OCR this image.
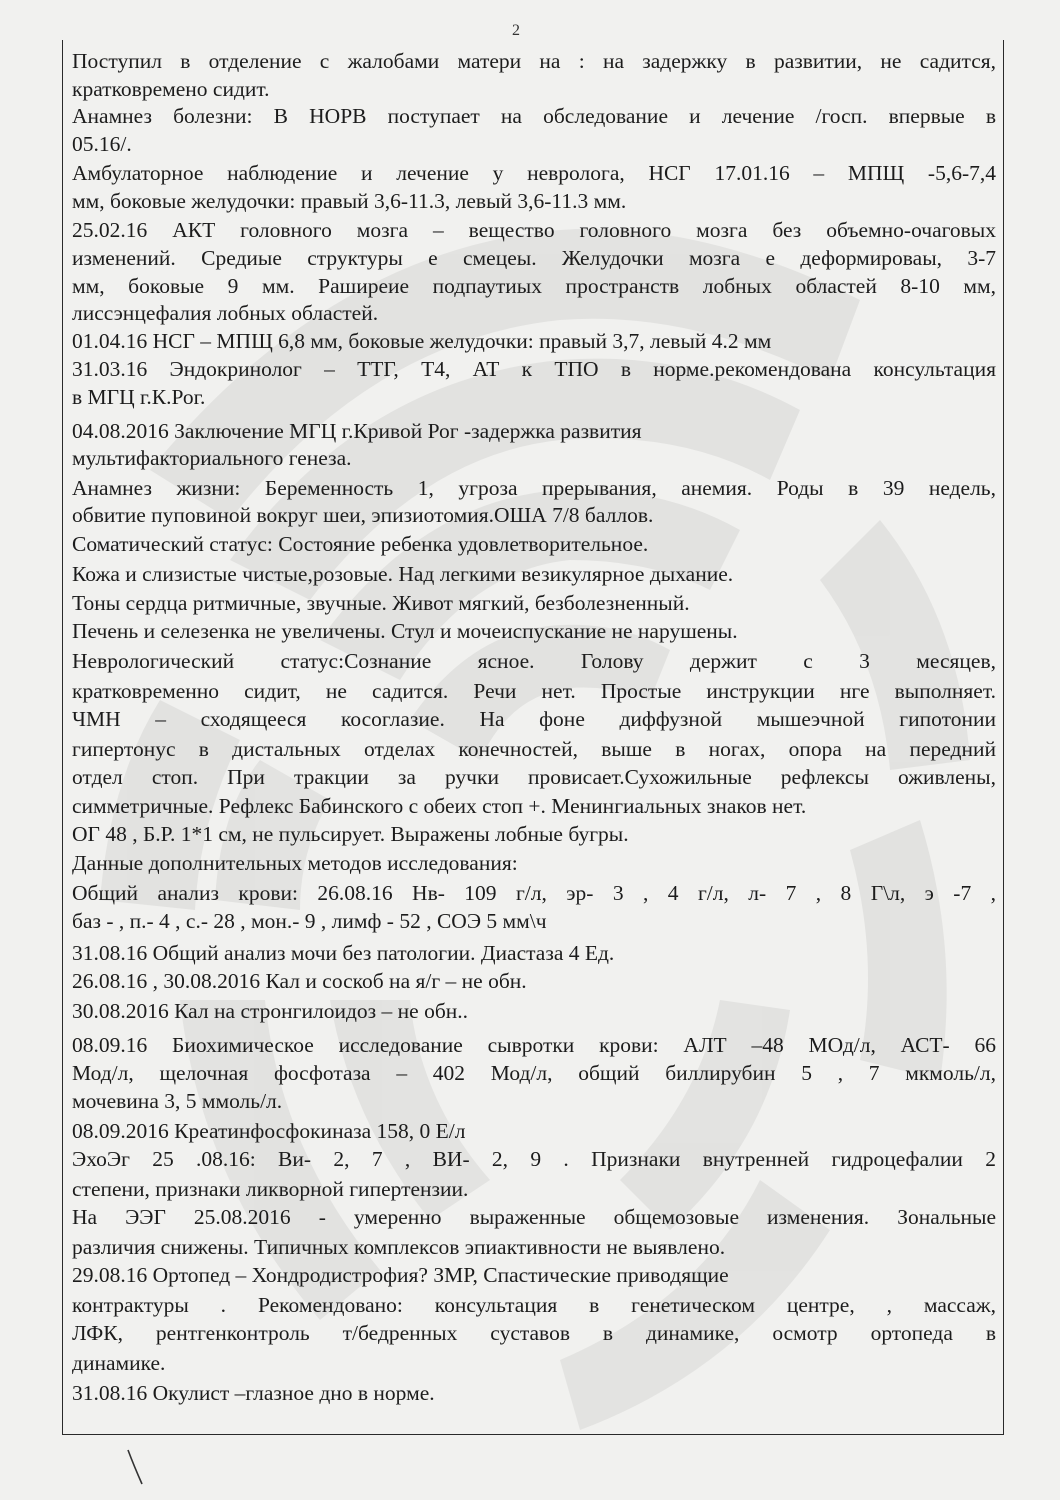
2
Поступил в отделение с жалобами матери на : на задержку в развитии, не садится,
кратковремено сидит.
Анамнез болезни: В НОРВ поступает на обследование и лечение /госп. впервые в
05.16/.
Амбулаторное наблюдение и лечение у невролога, НСГ 17.01.16 – МПЩ -5,6-7,4
мм, боковые желудочки: правый 3,6-11.3, левый 3,6-11.3 мм.
25.02.16 АКТ головного мозга – вещество головного мозга без объемно-очаговых
изменений. Средиые структуры е смецеы. Желудочки мозга е деформироваы, 3-7
мм, боковые 9 мм. Раширеие подпаутиых пространств лобных областей 8-10 мм,
лиссэнцефалия лобных областей.
01.04.16 НСГ – МПЩ 6,8 мм, боковые желудочки: правый 3,7, левый 4.2 мм
31.03.16 Эндокринолог – ТТГ, Т4, АТ к ТПО в норме.рекомендована консультация
в МГЦ г.К.Рог.
04.08.2016 Заключение МГЦ г.Кривой Рог -задержка развития
мультифакториального генеза.
Анамнез жизни: Беременность 1, угроза прерывания, анемия. Роды в 39 недель,
обвитие пуповиной вокруг шеи, эпизиотомия.ОША 7/8 баллов.
Соматический статус: Состояние ребенка удовлетворительное.
Кожа и слизистые чистые,розовые. Над легкими везикулярное дыхание.
Тоны сердца ритмичные, звучные. Живот мягкий, безболезненный.
Печень и селезенка не увеличены. Стул и мочеиспускание не нарушены.
Неврологический статус:Сознание ясное. Голову держит с 3 месяцев,
кратковременно сидит, не садится. Речи нет. Простые инструкции нге выполняет.
ЧМН – сходящееся косоглазие. На фоне диффузной мышеэчной гипотонии
гипертонус в дистальных отделах конечностей, выше в ногах, опора на передний
отдел стоп. При тракции за ручки провисает.Сухожильные рефлексы оживлены,
симметричные. Рефлекс Бабинского с обеих стоп +. Менингиальных знаков нет.
ОГ 48 , Б.Р. 1*1 см, не пульсирует. Выражены лобные бугры.
Данные дополнительных методов исследования:
Общий анализ крови: 26.08.16 Нв- 109 г/л, эр- 3 , 4 г/л, л- 7 , 8 Г\л, э -7 ,
баз - , п.- 4 , с.- 28 , мон.- 9 , лимф - 52 , СОЭ 5 мм\ч
31.08.16 Общий анализ мочи без патологии. Диастаза 4 Ед.
26.08.16 , 30.08.2016 Кал и соскоб на я/г – не обн.
30.08.2016 Кал на стронгилоидоз – не обн..
08.09.16 Биохимическое исследование сывротки крови: АЛТ –48 МОд/л, АСТ- 66
Мод/л, щелочная фосфотаза – 402 Мод/л, общий биллирубин 5 , 7 мкмоль/л,
мочевина 3, 5 ммоль/л.
08.09.2016 Креатинфосфокиназа 158, 0 Е/л
ЭхоЭг 25 .08.16: Ви- 2, 7 , ВИ- 2, 9 . Признаки внутренней гидроцефалии 2
степени, признаки ликворной гипертензии.
На ЭЭГ 25.08.2016 - умеренно выраженные общемозовые изменения. Зональные
различия снижены. Типичных комплексов эпиактивности не выявлено.
29.08.16 Ортопед – Хондродистрофия? ЗМР, Спастические приводящие
контрактуры . Рекомендовано: консультация в генетическом центре, , массаж,
ЛФК, рентгенконтроль т/бедренных суставов в динамике, осмотр ортопеда в
динамике.
31.08.16 Окулист –глазное дно в норме.
